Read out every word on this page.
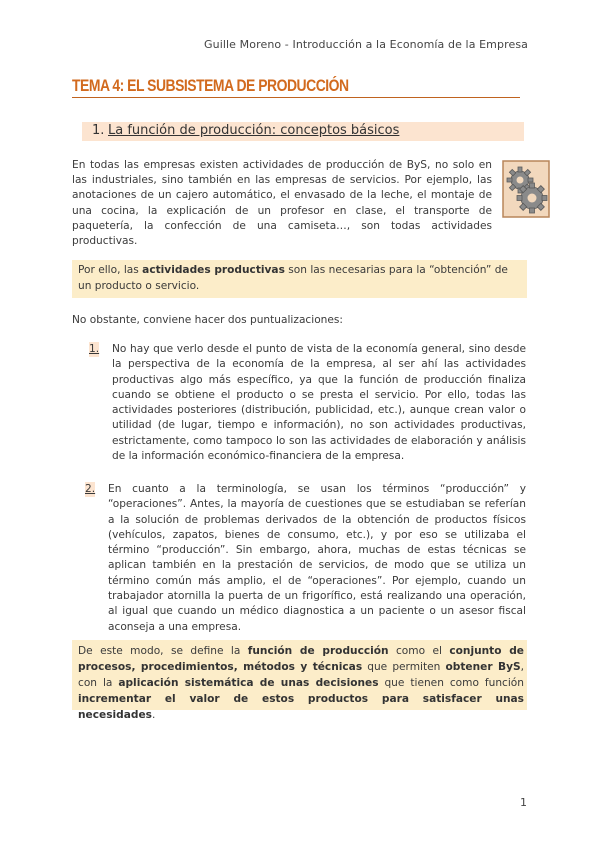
Guille Moreno - Introducción a la Economía de la Empresa
TEMA 4: EL SUBSISTEMA DE PRODUCCIÓN
1. La función de producción: conceptos básicos
En todas las empresas existen actividades de producción de ByS, no solo en las industriales, sino también en las empresas de servicios. Por ejemplo, las anotaciones de un cajero automático, el envasado de la leche, el montaje de una cocina, la explicación de un profesor en clase, el transporte de paquetería, la confección de una camiseta…, son todas actividades productivas.
Por ello, las actividades productivas son las necesarias para la “obtención” de un producto o servicio.
No obstante, conviene hacer dos puntualizaciones:
1. No hay que verlo desde el punto de vista de la economía general, sino desde la perspectiva de la economía de la empresa, al ser ahí las actividades productivas algo más específico, ya que la función de producción finaliza cuando se obtiene el producto o se presta el servicio. Por ello, todas las actividades posteriores (distribución, publicidad, etc.), aunque crean valor o utilidad (de lugar, tiempo e información), no son actividades productivas, estrictamente, como tampoco lo son las actividades de elaboración y análisis de la información económico-financiera de la empresa.
2. En cuanto a la terminología, se usan los términos “producción” y “operaciones”. Antes, la mayoría de cuestiones que se estudiaban se referían a la solución de problemas derivados de la obtención de productos físicos (vehículos, zapatos, bienes de consumo, etc.), y por eso se utilizaba el término “producción”. Sin embargo, ahora, muchas de estas técnicas se aplican también en la prestación de servicios, de modo que se utiliza un término común más amplio, el de “operaciones”. Por ejemplo, cuando un trabajador atornilla la puerta de un frigorífico, está realizando una operación, al igual que cuando un médico diagnostica a un paciente o un asesor fiscal aconseja a una empresa.
De este modo, se define la función de producción como el conjunto de procesos, procedimientos, métodos y técnicas que permiten obtener ByS, con la aplicación sistemática de unas decisiones que tienen como función incrementar el valor de estos productos para satisfacer unas necesidades.
1
